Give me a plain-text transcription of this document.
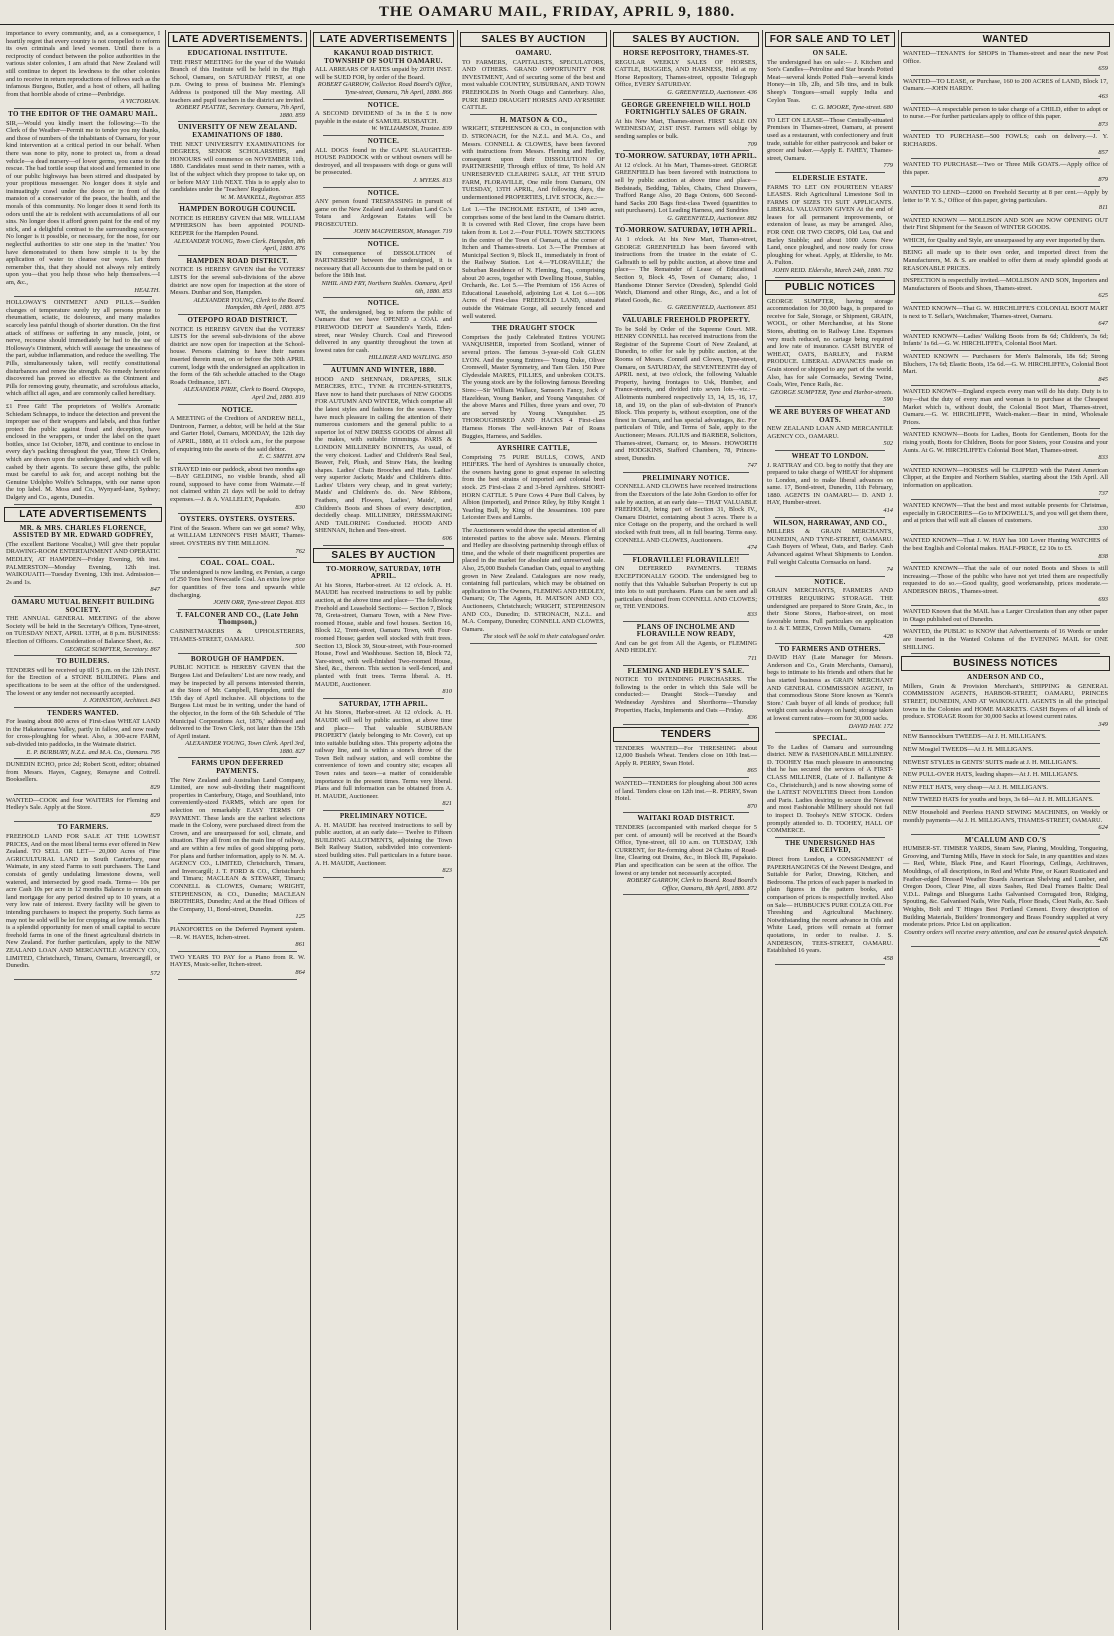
THE OAMARU MAIL, FRIDAY, APRIL 9, 1880.
importance to every community, and, as a consequence, I heartily regret that every country is not compelled to reform its own criminals and lewd women. Until there is a reciprocity of conduct between the police authorities in the various sister colonies, I am afraid that New Zealand will still continue to deport its lewdness to the other colonies and to receive in return reproductions of fellows such as the infamous Burgess, Butler, and a host of others, all hailing from that horrible abode of crime—Penbridge.
A VICTORIAN.
TO THE EDITOR OF THE OAMARU MAIL.
SIR,—Would you kindly insert the following:—To the Clerk of the Weather—Permit me to tender you my thanks, and those of numbers of the inhabitants of Oamaru, for your kind intervention at a critical period in our behalf. When there was none to pity, none to protect us, from a dread vehicle—a dead nursery—of lower germs, you came to the rescue. The bad tortile soup that stood and fermented in one of our public highways has been stirred and dissipated by your propitious messenger. No longer does it style and insinuatingly crawl under the doors or in front of the mansion of a conservator of the peace, the health, and the morals of this community. No longer does it send forth its odors until the air is redolent with accumulations of all our sins. No longer does it afford green paint for the end of my stick, and a delightful contrast to the surrounding scenery. No longer is it possible, or necessary, for the nose, for our neglectful authorities to stir one step in the 'matter.' You have demonstrated to them how simple it is by the application of water to cleanse our ways. Let them remember this, that they should not always rely entirely upon you—that you help those who help themselves.—I am, &c.,
HEALTH.
HOLLOWAY'S OINTMENT AND PILLS.—Sudden changes of temperature surely try all persons prone to rheumatism, sciatic, tic doloureux, and many maladies scarcely less painful though of shorter duration. On the first attack of stiffness or suffering in any muscle, joint, or nerve, recourse should immediately be had to the use of Holloway's Ointment, which will assuage the uneasiness of the part, subdue inflammation, and reduce the swelling. The Pills, simultaneously taken, will rectify constitutional disturbances and renew the strength. No remedy heretofore discovered has proved so effective as the Ointment and Pills for removing gouty, rheumatic, and scrofulous attacks, which afflict all ages, and are commonly called hereditary.
£1 Free Gift! The proprietors of Wolfe's Aromatic Schiedam Schnapps, to induce the detection and prevent the improper use of their wrappers and labels, and thus further protect the public against fraud and deception, have enclosed in the wrappers, or under the label on the quart bottles, since 1st October, 1878, and continue to enclose in every day's packing throughout the year, Three £1 Orders, which are drawn upon the undersigned, and which will be cashed by their agents. To secure these gifts, the public must be careful to ask for, and accept nothing but the Genuine Udolpho Wolfe's Schnapps, with our name upon the top label. M. Moss and Co., Wynyard-lane, Sydney; Dalgety and Co., agents, Dunedin.
LATE ADVERTISEMENTS
MR. & MRS. CHARLES FLORENCE, ASSISTED BY MR. EDWARD GODFREY,
(The excellent Baritone Vocalist,) Will give their popular DRAWING-ROOM ENTERTAINMENT AND OPERATIC MEDLEY, AT HAMPDEN—Friday Evening, 9th inst. PALMERSTON—Monday Evening, 12th inst. WAIKOUAITI—Tuesday Evening, 13th inst. Admission—2s and 1s.
847
OAMARU MUTUAL BENEFIT BUILDING SOCIETY.
THE ANNUAL GENERAL MEETING of the above Society will be held in the Secretary's Offices, Tyne-street, on TUESDAY NEXT, APRIL 13TH, at 8 p.m. BUSINESS: Election of Officers. Consideration of Balance Sheet, &c.
GEORGE SUMPTER, Secretary. 867
TO BUILDERS.
TENDERS will be received up till 5 p.m. on the 12th INST. for the Erection of a STONE BUILDING. Plans and specifications to be seen at the office of the undersigned. The lowest or any tender not necessarily accepted.
J. JOHNSTON, Architect. 843
TENDERS WANTED.
For leasing about 800 acres of First-class WHEAT LAND in the Hakateramea Valley, partly in fallow, and now ready for cross-ploughing for wheat. Also, a 300-acre FARM, sub-divided into paddocks, in the Waimate district.
E. P. BURBURY, N.Z.L. and M.A. Co., Oamaru. 795
DUNEDIN ECHO, price 2d; Robert Scott, editor; obtained from Messrs. Hayes, Cagney, Renayne and Cottrell. Booksellers.
829
WANTED—COOK and four WAITERS for Fleming and Hedley's Sale. Apply at the Store.
829
TO FARMERS.
FREEHOLD LAND FOR SALE AT THE LOWEST PRICES, And on the most liberal terms ever offered in New Zealand. TO SELL OR LET— 20,000 Acres of Fine AGRICULTURAL LAND in South Canterbury, near Waimate, in any sized Farms to suit purchasers. The Land consists of gently undulating limestone downs, well watered, and intersected by good roads. Terms— 10s per acre Cash 10s per acre in 12 months Balance to remain on land mortgage for any period desired up to 10 years, at a very low rate of interest. Every facility will be given to intending purchasers to inspect the property. Such farms as may not be sold will be let for cropping at low rentals. This is a splendid opportunity for men of small capital to secure freehold farms in one of the finest agricultural districts in New Zealand. For further particulars, apply to the NEW ZEALAND LOAN AND MERCANTILE AGENCY CO., LIMITED, Christchurch, Timaru, Oamaru, Invercargill, or Dunedin.
572
LATE ADVERTISEMENTS.
EDUCATIONAL INSTITUTE.
THE FIRST MEETING for the year of the Waitaki Branch of this Institute will be held in the High School, Oamaru, on SATURDAY FIRST, at one p.m. Owing to press of business Mr. Fleming's Address is postponed till the May meeting. All teachers and pupil teachers in the district are invited.
ROBERT PEATTIE, Secretary. Oamaru, 7th April, 1880. 859
UNIVERSITY OF NEW ZEALAND. EXAMINATIONS OF 1880.
THE NEXT UNIVERSITY EXAMINATIONS for DEGREES, SENIOR SCHOLARSHIPS, and HONOURS will commence on NOVEMBER 11th, 1880. Candidates must send in their names, with a list of the subject which they propose to take up, on or before MAY 11th NEXT. This is to apply also to candidates under the 'Teachers' Regulation.
W. M. MANKELL, Registrar. 855
HAMPDEN BOROUGH COUNCIL
NOTICE IS HEREBY GIVEN that MR. WILLIAM M'PHERSON has been appointed POUND-KEEPER for the Hampden Pound.
ALEXANDER YOUNG, Town Clerk. Hampden, 8th April, 1880. 876
HAMPDEN ROAD DISTRICT.
NOTICE IS HEREBY GIVEN that the VOTERS' LISTS for the several sub-divisions of the above district are now open for inspection at the store of Messrs. Dunbar and Son, Hampden.
ALEXANDER YOUNG, Clerk to the Board. Hampden, 8th April, 1880. 875
OTEPOPO ROAD DISTRICT.
NOTICE IS HEREBY GIVEN that the VOTERS' LISTS for the several sub-divisions of the above district are now open for inspection at the School-house. Persons claiming to have their names inserted therein must, on or before the 30th APRIL current, lodge with the undersigned an application in the form of the 6th schedule attached to the Otago Roads Ordinance, 1871.
ALEXANDER PIRIE, Clerk to Board. Otepopo, April 2nd, 1880. 819
NOTICE.
A MEETING of the Creditors of ANDREW BELL, Duntroon, Farmer, a debtor, will be held at the Star and Garter Hotel, Oamaru, MONDAY, the 12th day of APRIL, 1880, at 11 o'clock a.m., for the purpose of enquiring into the assets of the said debtor.
E. C. SMITH. 874
STRAYED into our paddock, about two months ago—BAY GELDING, no visible brands, shod all round, supposed to have come from Waimate.—If not claimed within 21 days will be sold to defray expenses.—J. & A. VALLELEY, Papakaio.
830
OYSTERS. OYSTERS. OYSTERS.
First of the Season. Where can we get some? Why, at WILLIAM LENNON'S FISH MART, Thames-street. OYSTERS BY THE MILLION.
762
COAL. COAL. COAL.
The undersigned is now landing, ex Persian, a cargo of 250 Tons best Newcastle Coal. An extra low price for quantities of five tons and upwards while discharging.
JOHN ORR, Tyne-street Depot. 833
T. FALCONER AND CO., (Late John Thompson,)
CABINETMAKERS & UPHOLSTERERS, THAMES-STREET, OAMARU.
500
BOROUGH OF HAMPDEN.
PUBLIC NOTICE is HEREBY GIVEN that the Burgess List and Defaulters' List are now ready, and may be inspected by all persons interested therein, at the Store of Mr. Campbell, Hampden, until the 15th day of April inclusive. All objections to the Burgess List must be in writing, under the hand of the objector, in the form of the 6th Schedule of 'The Municipal Corporations Act, 1876,' addressed and delivered to the Town Clerk, not later than the 15th of April instant.
ALEXANDER YOUNG, Town Clerk. April 3rd, 1880. 827
FARMS UPON DEFERRED PAYMENTS.
The New Zealand and Australian Land Company, Limited, are now sub-dividing their magnificent properties in Canterbury, Otago, and Southland, into conveniently-sized FARMS, which are open for selection on remarkably EASY TERMS OF PAYMENT. These lands are the earliest selections made in the Colony, were purchased direct from the Crown, and are unsurpassed for soil, climate, and situation. They all front on the main line of railway, and are within a few miles of good shipping ports. For plans and further information, apply to N. M. A. AGENCY CO., LIMITED, Christchurch, Timaru, and Invercargill; J. T. FORD & CO., Christchurch and Timaru; MACLEAN & STEWART, Timaru; CONNELL & CLOWES, Oamaru; WRIGHT, STEPHENSON, & CO., Dunedin; MACLEAN BROTHERS, Dunedin; And at the Head Offices of the Company, 11, Bond-street, Dunedin.
125
PIANOFORTES on the Deferred Payment system.—R. W. HAYES, Itchen-street.
861
TWO YEARS TO PAY for a Piano from R. W. HAYES, Music-seller, Itchen-street.
864
LATE ADVERTISEMENTS
KAKANUI ROAD DISTRICT. TOWNSHIP OF SOUTH OAMARU.
ALL ARREARS OF RATES unpaid by 20TH INST. will be SUED FOR, by order of the Board.
ROBERT GARROW, Collector. Road Board's Office, Tyne-street, Oamaru, 7th April, 1880. 866
NOTICE.
A SECOND DIVIDEND of 3s in the £ is now payable in the estate of SAMUEL RUSBATCH.
W. WILLIAMSON, Trustee. 839
NOTICE.
ALL DOGS found in the CAPE SLAUGHTER-HOUSE PADDOCK with or without owners will be destroyed, and all trespassers with dogs or guns will be prosecuted.
J. MYERS. 813
NOTICE.
ANY person found TRESPASSING in pursuit of game on the New Zealand and Australian Land Co.'s Totara and Ardgowan Estates will be PROSECUTED.
JOHN MACPHERSON, Manager. 719
NOTICE.
IN consequence of DISSOLUTION of PARTNERSHIP between the undersigned, it is necessary that all Accounts due to them be paid on or before the 18th Inst.
NIHIL AND FRY, Northern Stables. Oamaru, April 6th, 1880. 853
NOTICE.
WE, the undersigned, beg to inform the public of Oamaru that we have OPENED a COAL and FIREWOOD DEPOT at Saunders's Yards, Eden-street, near Wesley Church. Coal and Firewood delivered in any quantity throughout the town at lowest rates for cash.
HILLIKER AND WATLING. 850
AUTUMN AND WINTER, 1880.
HOOD AND SHENNAN, DRAPERS, SILK MERCERS, ETC., TYNE & ITCHEN-STREETS, Have now to hand their purchases of NEW GOODS FOR AUTUMN AND WINTER, Which comprise all the latest styles and fashions for the season. They have much pleasure in calling the attention of their numerous customers and the general public to a superior lot of NEW DRESS GOODS Of almost all the makes, with suitable trimmings. PARIS & LONDON MILLINERY BONNETS, As usual, of the very choicest. Ladies' and Children's Real Seal, Beaver, Felt, Plush, and Straw Hats, the leading shapes. Ladies' Chain Brooches and Hats. Ladies' very superior Jackets; Maids' and Children's ditto. Ladies' Ulsters very cheap, and in great variety; Maids' and Children's do. do. New Ribbons, Feathers, and Flowers, Ladies', Maids', and Children's Boots and Shoes of every description, decidedly cheap. MILLINERY, DRESSMAKING AND TAILORING Conducted. HOOD AND SHENNAN, Itchen and Tees-street.
606
SALES BY AUCTION
TO-MORROW, SATURDAY, 10TH APRIL.
At his Stores, Harbor-street. At 12 o'clock. A. H. MAUDE has received instructions to sell by public auction, at the above time and place— The following Freehold and Leasehold Sections:— Section 7, Block 78, Greta-street, Oamaru Town, with a New Five-roomed House, stable and fowl houses. Section 16, Block 12, Trent-street, Oamaru Town, with Four-roomed House; garden well stocked with fruit trees. Section 13, Block 39, Stour-street, with Four-roomed House, Fowl and Washhouse. Section 18, Block 72, Yare-street, with well-finished Two-roomed House, Shed, &c., thereon. This section is well-fenced, and planted with fruit trees. Terms liberal. A. H. MAUDE, Auctioneer.
810
SATURDAY, 17TH APRIL.
At his Stores, Harbor-street. At 12 o'clock. A. H. MAUDE will sell by public auction, at above time and place— That valuable SUBURBAN PROPERTY (lately belonging to Mr. Cover), cut up into suitable building sites. This property adjoins the railway line, and is within a stone's throw of the Town Belt railway station, and will combine the convenience of town and country site; escapes all Town rates and taxes—a matter of considerable importance in the present times. Terms very liberal. Plans and full information can be obtained from A. H. MAUDE, Auctioneer.
821
PRELIMINARY NOTICE.
A. H. MAUDE has received instructions to sell by public auction, at an early date— Twelve to Fifteen BUILDING ALLOTMENTS, adjoining the Town Belt Railway Station, subdivided into convenient-sized building sites. Full particulars in a future issue. A. H. MAUDE, Auctioneer.
823
SALES BY AUCTION
OAMARU.
TO FARMERS, CAPITALISTS, SPECULATORS, AND OTHERS. GRAND OPPORTUNITY FOR INVESTMENT, And of securing some of the best and most valuable COUNTRY, SUBURBAN, AND TOWN FREEHOLDS In North Otago and Canterbury. Also, PURE BRED DRAUGHT HORSES AND AYRSHIRE CATTLE.
H. MATSON & CO.,
WRIGHT, STEPHENSON & CO., in conjunction with D. STRONACH, for the N.Z.L. and M.A. Co., and Messrs. CONNELL & CLOWES, have been favored with instructions from Messrs. Fleming and Hedley, consequent upon their DISSOLUTION OF PARTNERSHIP, Through efflux of time, To hold AN UNRESERVED CLEARING SALE, AT THE STUD FARM, FLORAVILLE, One mile from Oamaru, ON TUESDAY, 13TH APRIL, And following days, the undermentioned PROPERTIES, LIVE STOCK, &c.:—
Lot 1.—The INCHOLME ESTATE, of 1349 acres, comprises some of the best land in the Oamaru district. It is covered with Red Clover, fine crops have been taken from it. Lot 2.—Four FULL TOWN SECTIONS in the centre of the Town of Oamaru, at the corner of Itchen and Thames-streets. Lot 3.—The Premises at Municipal Section 9, Block II., immediately in front of the Railway Station. Lot 4.—'FLORAVILLE,' the Suburban Residence of N. Fleming, Esq., comprising about 20 acres, together with Dwelling House, Stables, Orchards, &c. Lot 5.—The Premium of 156 Acres of Educational Leasehold, adjoining Lot 4. Lot 6.—106 Acres of First-class FREEHOLD LAND, situated outside the Waimate Gorge, all securely fenced and well watered.
THE DRAUGHT STOCK
Comprises the justly Celebrated Entires YOUNG VANQUISHER, imported from Scotland, winner of several prizes. The famous 3-year-old Colt GLEN LYON. And the young Entires— Young Duke, Oliver Cromwell, Master Symmetry, and Tam Glen. 150 Pure Clydesdale MARES, FILLIES, and unbroken COLTS. The young stock are by the following famous Breeding Sires:—Sir William Wallace, Samson's Fancy, Jock o' Hazeldean, Young Banker, and Young Vanquisher. Of the above Mares and Fillies, three years and over, 70 are served by Young Vanquisher. 25 THOROUGHBRED AND HACKS 4 First-class Harness Horses The well-known Pair of Roans Buggies, Harness, and Saddles.
AYRSHIRE CATTLE,
Comprising 75 PURE BULLS, COWS, AND HEIFERS. The herd of Ayrshires is unusually choice, the owners having gone to great expense in selecting from the best strains of imported and colonial bred stock. 25 First-class 2 and 3-bred Ayrshires. SHORT-HORN CATTLE. 5 Pure Cows 4 Pure Bull Calves, by Albion (imported), and Prince Riley, by Riby Knight 1 Yearling Bull, by King of the Jessamines. 100 pure Leicester Ewes and Lambs.
The Auctioneers would draw the special attention of all interested parties to the above sale. Messrs. Fleming and Hedley are dissolving partnership through efflux of time, and the whole of their magnificent properties are placed in the market for absolute and unreserved sale. Also, 25,000 Bushels Canadian Oats, equal to anything grown in New Zealand. Catalogues are now ready, containing full particulars, which may be obtained on application to The Owners, FLEMING AND HEDLEY, Oamaru; Or, The Agents, H. MATSON AND CO., Auctioneers, Christchurch; WRIGHT, STEPHENSON AND CO., Dunedin; D. STRONACH, N.Z.L. and M.A. Company, Dunedin; CONNELL AND CLOWES, Oamaru.
The stock will be sold in their catalogued order.
SALES BY AUCTION.
HORSE REPOSITORY, THAMES-ST.
REGULAR WEEKLY SALES OF HORSES, CATTLE, BUGGIES, AND HARNESS, Held at my Horse Repository, Thames-street, opposite Telegraph Office, EVERY SATURDAY.
G. GREENFIELD, Auctioneer. 436
GEORGE GREENFIELD WILL HOLD FORTNIGHTLY SALES OF GRAIN.
At his New Mart, Thames-street. FIRST SALE ON WEDNESDAY, 21ST INST. Farmers will oblige by sending samples or bulk.
709
TO-MORROW. SATURDAY, 10TH APRIL.
At 12 o'clock. At his Mart, Thames-street. GEORGE GREENFIELD has been favored with instructions to sell by public auction at above time and place— Bedsteads, Bedding, Tables, Chairs, Chest Drawers, Trafford Range Also, 20 Bags Onions, 600 Second-hand Sacks 200 Bags first-class Tweed (quantities to suit purchasers). Lot Leading Harness, and Sundries
G. GREENFIELD, Auctioneer. 882
TO-MORROW. SATURDAY, 10TH APRIL.
At 1 o'clock. At his New Mart, Thames-street, GEORGE GREENFIELD has been favored with instructions from the trustee in the estate of C. Galbraith to sell by public auction, at above time and place— The Remainder of Lease of Educational Section 9, Block 45, Town of Oamaru; also, 1 Handsome Dinner Service (Dresden), Splendid Gold Watch, Diamond and other Rings, &c., and a lot of Plated Goods, &c.
G. GREENFIELD, Auctioneer. 851
VALUABLE FREEHOLD PROPERTY.
To be Sold by Order of the Supreme Court. MR. HENRY CONNELL has received instructions from the Registrar of the Supreme Court of New Zealand, at Dunedin, to offer for sale by public auction, at the Rooms of Messrs. Connell and Clowes, Tyne-street, Oamaru, on SATURDAY, the SEVENTEENTH day of APRIL next, at two o'clock, the following Valuable Property, having frontages to Usk, Humber, and France-streets, and divided into seven lots—viz.:— Allotments numbered respectively 13, 14, 15, 16, 17, 18, and 19, on the plan of sub-division of Prance's Block. This property is, without exception, one of the finest in Oamaru, and has special advantages, &c. For particulars of Title, and Terms of Sale, apply to the Auctioneer; Messrs. JULIUS and BARBER, Solicitors, Thames-street, Oamaru; or, to Messrs. HOWORTH and HODGKINS, Stafford Chambers, 78, Princes-street, Dunedin.
747
PRELIMINARY NOTICE.
CONNELL AND CLOWES have received instructions from the Executors of the late John Gordon to offer for sale by auction, at an early date— THAT VALUABLE FREEHOLD, being part of Section 31, Block IV., Oamaru District, containing about 3 acres. There is a nice Cottage on the property, and the orchard is well stocked with fruit trees, all in full bearing. Terms easy. CONNELL AND CLOWES, Auctioneers.
474
FLORAVILLE! FLORAVILLE!!
ON DEFERRED PAYMENTS. TERMS EXCEPTIONALLY GOOD. The undersigned beg to notify that this Valuable Suburban Property is cut up into lots to suit purchasers. Plans can be seen and all particulars obtained from CONNELL AND CLOWES; or, THE VENDORS.
833
PLANS OF INCHOLME AND FLORAVILLE NOW READY,
And can be got from All the Agents, or FLEMING AND HEDLEY.
711
FLEMING AND HEDLEY'S SALE.
NOTICE TO INTENDING PURCHASERS. The following is the order in which this Sale will be conducted:— Draught Stock—Tuesday and Wednesday Ayrshires and Shorthorns—Thursday Properties, Hacks, Implements and Oats —Friday.
836
TENDERS
TENDERS WANTED—For THRESHING about 12,000 Bushels Wheat. Tenders close on 10th Inst.—Apply R. PERRY, Swan Hotel.
865
WANTED—TENDERS for ploughing about 300 acres of land. Tenders close on 12th inst.—R. PERRY, Swan Hotel.
870
WAITAKI ROAD DISTRICT.
TENDERS (accompanied with marked cheque for 5 per cent. of amount) will be received at the Board's Office, Tyne-street, till 10 a.m. on TUESDAY, 13th CURRENT, for Re-forming about 24 Chains of Road-line, Clearing out Drains, &c., in Block III, Papakaio. Plan and specification can be seen at the office. The lowest or any tender not necessarily accepted.
ROBERT GARROW, Clerk to Board. Road Board's Office, Oamaru, 8th April, 1880. 872
FOR SALE AND TO LET
ON SALE.
The undersigned has on sale:— J. Kitchen and Son's Candles—Petroline and Star brands Potted Meat—several kinds Potted Fish—several kinds Honey—in 1lb, 2lb, and 5lb tins, and in bulk Sheep's Tongues—small supply India and Ceylon Teas.
C. G. MOORE, Tyne-street. 680
TO LET ON LEASE—Those Centrally-situated Premises in Thames-street, Oamaru, at present used as a restaurant, with confectionery and fruit trade, suitable for either pastrycook and baker or grocer and baker.—Apply E. FAHEY, Thames-street, Oamaru.
779
ELDERSLIE ESTATE.
FARMS TO LET ON FOURTEEN YEARS' LEASES. Rich Agricultural Limestone Soil in FARMS OF SIZES TO SUIT APPLICANTS. LIBERAL VALUATION GIVEN At the end of leases for all permanent improvements, or extension of lease, as may be arranged. Also, FOR ONE OR TWO CROPS, Old Lea, Oat and Barley Stubble; and about 1000 Acres New Land, once ploughed, and now ready for cross ploughing for wheat. Apply, at Elderslie, to Mr. A. Fulton.
JOHN REID. Elderslie, March 24th, 1880. 792
PUBLIC NOTICES
GEORGE SUMPTER, having storage accommodation for 30,000 bags, is prepared to receive for Sale, Storage, or Shipment, GRAIN, WOOL, or other Merchandise, at his Stone Stores, abutting on to Railway Line. Expenses very much reduced, no cartage being required and low rate of insurance. CASH BUYER of WHEAT, OATS, BARLEY, and FARM PRODUCE. LIBERAL ADVANCES made on Grain stored or shipped to any part of the world. Also, has for sale Cornsacks, Sewing Twine, Coals, Wire, Fence Rails, &c.
GEORGE SUMPTER, Tyne and Harbor-streets. 590
WE ARE BUYERS OF WHEAT AND OATS.
NEW ZEALAND LOAN AND MERCANTILE AGENCY CO., OAMARU.
502
WHEAT TO LONDON.
J. RATTRAY and CO. beg to notify that they are prepared to take charge of WHEAT for shipment to London, and to make liberal advances on same. 17, Bond-street, Dunedin, 11th February, 1880. AGENTS IN OAMARU— D. AND J. HAY, Humber-street.
414
WILSON, HARRAWAY, AND CO.,
MILLERS & GRAIN MERCHANTS, DUNEDIN, AND TYNE-STREET, OAMARU. Cash Buyers of Wheat, Oats, and Barley. Cash Advanced against Wheat Shipments to London. Full weight Calcutta Cornsacks on hand.
74
NOTICE.
GRAIN MERCHANTS, FARMERS AND OTHERS REQUIRING STORAGE. THE undersigned are prepared to Store Grain, &c., in their Stone Stores, Harbor-street, on most favorable terms. Full particulars on application to J. & T. MEEK, Crown Mills, Oamaru.
428
TO FARMERS AND OTHERS.
DAVID HAY (Late Manager for Messrs. Anderson and Co., Grain Merchants, Oamaru), begs to intimate to his friends and others that he has started business as GRAIN MERCHANT AND GENERAL COMMISSION AGENT, In that commodious Stone Store known as 'Kenn's Store.' Cash buyer of all kinds of produce; full weight corn sacks always on hand; storage taken at lowest current rates—room for 30,000 sacks.
DAVID HAY. 172
SPECIAL.
To the Ladies of Oamaru and surrounding district. NEW & FASHIONABLE MILLINERY. D. TOOHEY Has much pleasure in announcing that he has secured the services of A FIRST-CLASS MILLINER, (Late of J. Ballantyne & Co., Christchurch,) and is now showing some of the LATEST NOVELTIES Direct from London and Paris. Ladies desiring to secure the Newest and most Fashionable Millinery should not fail to inspect D. Toohey's NEW STOCK. Orders promptly attended to. D. TOOHEY, HALL OF COMMERCE.
THE UNDERSIGNED HAS RECEIVED,
Direct from London, a CONSIGNMENT of PAPERHANGINGS Of the Newest Designs, and Suitable for Parlor, Drawing, Kitchen, and Bedrooms. The prices of each paper is marked in plain figures in the pattern books, and comparison of prices is respectfully invited. Also on Sale— HUBBUCK'S PURE COLZA OIL For Threshing and Agricultural Machinery. Notwithstanding the recent advance in Oils and White Lead, prices will remain at former quotations, in order to realise. J. S. ANDERSON, TEES-STREET, OAMARU. Established 16 years.
458
WANTED
WANTED—TENANTS for SHOPS in Thames-street and near the new Post Office.
659
WANTED—TO LEASE, or Purchase, 160 to 200 ACRES of LAND, Block 17, Oamaru.—JOHN HARDY.
463
WANTED—A respectable person to take charge of a CHILD, either to adopt or to nurse.—For further particulars apply to office of this paper.
873
WANTED TO PURCHASE—500 FOWLS; cash on delivery.—J. Y. RICHARDS.
857
WANTED TO PURCHASE—Two or Three Milk GOATS.—Apply office of this paper.
879
WANTED TO LEND—£2000 on Freehold Security at 8 per cent.—Apply by letter to 'P. Y. S.,' Office of this paper, giving particulars.
811
WANTED KNOWN — MOLLISON AND SON are NOW OPENING OUT their First Shipment for the Season of WINTER GOODS.
WHICH, for Quality and Style, are unsurpassed by any ever imported by them.
BEING all made up to their own order, and imported direct from the Manufacturers, M. & S. are enabled to offer them at ready splendid goods at REASONABLE PRICES.
INSPECTION is respectfully invited.—MOLLISON AND SON, Importers and Manufacturers of Boots and Shoes, Thames-street.
625
WANTED KNOWN—That G. W. HIRCHLIFFE'S COLONIAL BOOT MART is next to T. Sellar's, Watchmaker, Thames-street, Oamaru.
647
WANTED KNOWN—Ladies' Walking Boots from 8s 6d; Children's, 3s 6d; Infants' 1s 6d.—G. W. HIRCHLIFFE's, Colonial Boot Mart.
WANTED KNOWN — Purchasers for Men's Balmorals, 18s 6d; Strong Bluchers, 17s 6d; Elastic Boots, 15s 6d.—G. W. HIRCHLIFFE's, Colonial Boot Mart.
845
WANTED KNOWN—England expects every man will do his duty. Duty is to buy—that the duty of every man and woman is to purchase at the Cheapest Market which is, without doubt, the Colonial Boot Mart, Thames-street, Oamaru.—G. W. HIRCHLIFFE, Watch-maker.—Bear in mind, Wholesale Prices.
WANTED KNOWN—Boots for Ladies, Boots for Gentlemen, Boots for the rising youth, Boots for Children, Boots for poor Sisters, your Cousins and your Aunts. At G. W. HIRCHLIFFE's Colonial Boot Mart, Thames-street.
833
WANTED KNOWN—HORSES will be CLIPPED with the Patent American Clipper, at the Empire and Northern Stables, starting about the 15th April. All information on application.
737
WANTED KNOWN—That the best and most suitable presents for Christmas, especially in GROCERIES—Go to M'DOWELL'S, and you will get them there, and at prices that will suit all classes of customers.
330
WANTED KNOWN—That J. W. HAY has 100 Lover Hunting WATCHES of the best English and Colonial makes. HALF-PRICE, £2 10s to £5.
838
WANTED KNOWN—That the sale of our noted Boots and Shoes is still increasing.—Those of the public who have not yet tried them are respectfully requested to do so.—Good quality, good workmanship, prices moderate.—ANDERSON BROS., Thames-street.
693
WANTED Known that the MAIL has a Larger Circulation than any other paper in Otago published out of Dunedin.
WANTED, the PUBLIC to KNOW that Advertisements of 16 Words or under are inserted in the Wanted Column of the EVENING MAIL for ONE SHILLING.
BUSINESS NOTICES
ANDERSON AND CO.,
Millers, Grain & Provision Merchant's, SHIPPING & GENERAL COMMISSION AGENTS, HARBOR-STREET, OAMARU, PRINCES STREET, DUNEDIN, AND AT WAIKOUAITI. AGENTS in all the principal towns in the Colonies and HOME MARKETS. CASH Buyers of all kinds of produce. STORAGE Room for 30,000 Sacks at lowest current rates.
349
NEW Bannockburn TWEEDS—At J. H. MILLIGAN'S.
NEW Mosgiel TWEEDS—At J. H. MILLIGAN'S.
NEWEST STYLES in GENTS' SUITS made at J. H. MILLIGAN'S.
NEW PULL-OVER HATS, leading shapes—At J. H. MILLIGAN'S.
NEW FELT HATS, very cheap—At J. H. MILLIGAN'S.
NEW TWEED HATS for youths and boys, 3s 6d—At J. H. MILLIGAN'S.
NEW Household and Peerless HAND SEWING MACHINES, on Weekly or monthly payments—At J. H. MILLIGAN'S, THAMES-STREET, OAMARU.
624
M'CALLUM AND CO.'S
HUMBER-ST. TIMBER YARDS, Steam Saw, Planing, Moulding, Tongueing, Grooving, and Turning Mills, Have in stock for Sale, in any quantities and sizes— Red, White, Black Pine, and Kauri Floorings, Ceilings, Architraves, Mouldings, of all descriptions, in Red and White Pine, or Kauri Rusticated and Feather-edged Dressed Weather Boards American Shelving and Lumber, and Oregon Doors, Clear Pine, all sizes Sashes, Red Deal Frames Baltic Deal V.D.L. Palings and Bluegums Laths Galvanised Corrugated Iron, Ridging, Spouting, &c. Galvanised Nails, Wire Nails, Floor Brads, Clout Nails, &c. Sash Weights, Bolt and T Hinges Best Portland Cement. Every description of Building Materials, Builders' Ironmongery and Brass Foundry supplied at very moderate prices. Price List on application.
Country orders will receive every attention, and can be ensured quick despatch. 426
